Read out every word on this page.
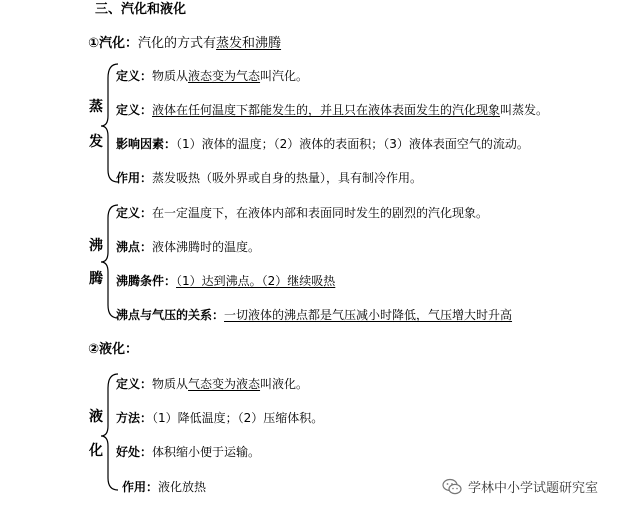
三、汽化和液化
①汽化：汽化的方式有蒸发和沸腾
蒸
发
定义：物质从液态变为气态叫汽化。
定义：液体在任何温度下都能发生的，并且只在液体表面发生的汽化现象叫蒸发。
影响因素：（1）液体的温度；（2）液体的表面积；（3）液体表面空气的流动。
作用：蒸发吸热（吸外界或自身的热量），具有制冷作用。
沸
腾
定义：在一定温度下，在液体内部和表面同时发生的剧烈的汽化现象。
沸点：液体沸腾时的温度。
沸腾条件：（1）达到沸点。（2）继续吸热
沸点与气压的关系：一切液体的沸点都是气压减小时降低，气压增大时升高
②液化：
液
化
定义：物质从气态变为液态叫液化。
方法：（1）降低温度；（2）压缩体积。
好处：体积缩小便于运输。
作用：液化放热	学林中小学试题研究室
